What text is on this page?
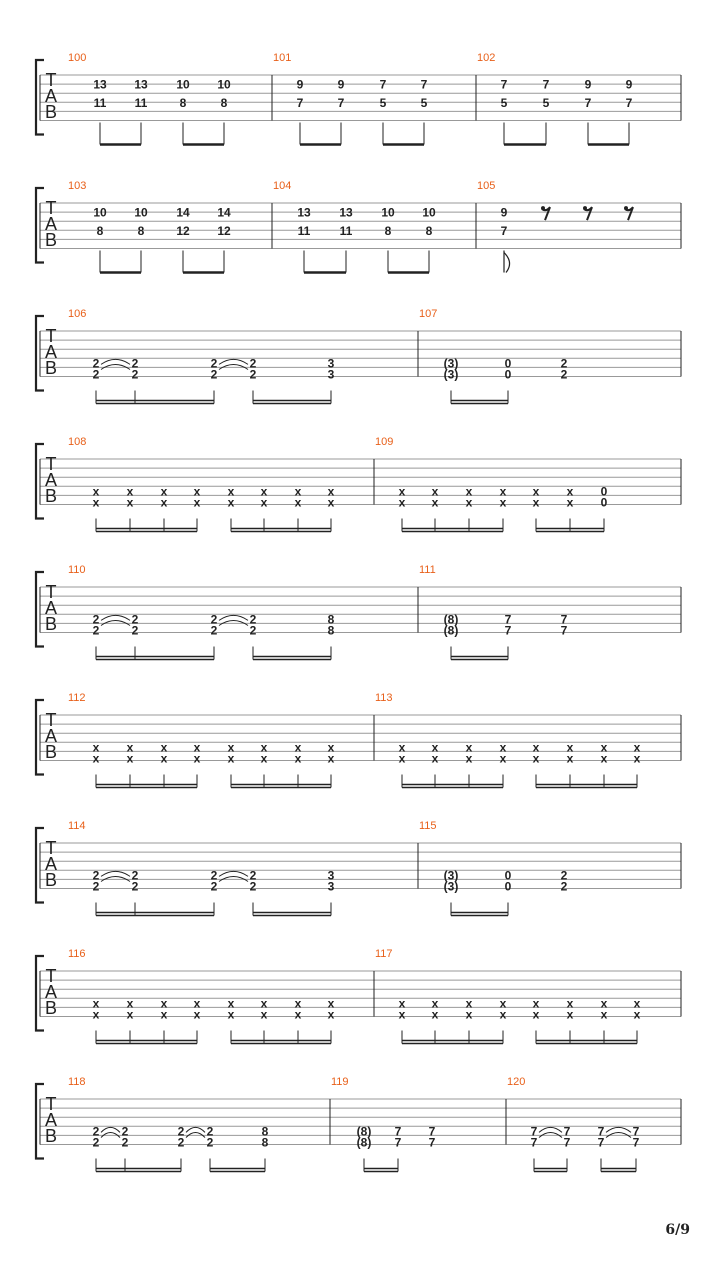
T
A
B
100
13
11
13
11
10
8
10
8
101
9
7
9
7
7
5
7
5
102
7
5
7
5
9
7
9
7
T
A
B
103
10
8
10
8
14
12
14
12
104
13
11
13
11
10
8
10
8
105
9
7
T
A
B
106
2
2
2
2
2
2
2
2
3
3
107
(3)
(3)
0
0
2
2
T
A
B
108
x
x
x
x
x
x
x
x
x
x
x
x
x
x
x
x
109
x
x
x
x
x
x
x
x
x
x
x
x
0
0
T
A
B
110
2
2
2
2
2
2
2
2
8
8
111
(8)
(8)
7
7
7
7
T
A
B
112
x
x
x
x
x
x
x
x
x
x
x
x
x
x
x
x
113
x
x
x
x
x
x
x
x
x
x
x
x
x
x
x
x
T
A
B
114
2
2
2
2
2
2
2
2
3
3
115
(3)
(3)
0
0
2
2
T
A
B
116
x
x
x
x
x
x
x
x
x
x
x
x
x
x
x
x
117
x
x
x
x
x
x
x
x
x
x
x
x
x
x
x
x
T
A
B
118
2
2
2
2
2
2
2
2
8
8
119
(8)
(8)
7
7
7
7
120
7
7
7
7
7
7
7
7
6/9
